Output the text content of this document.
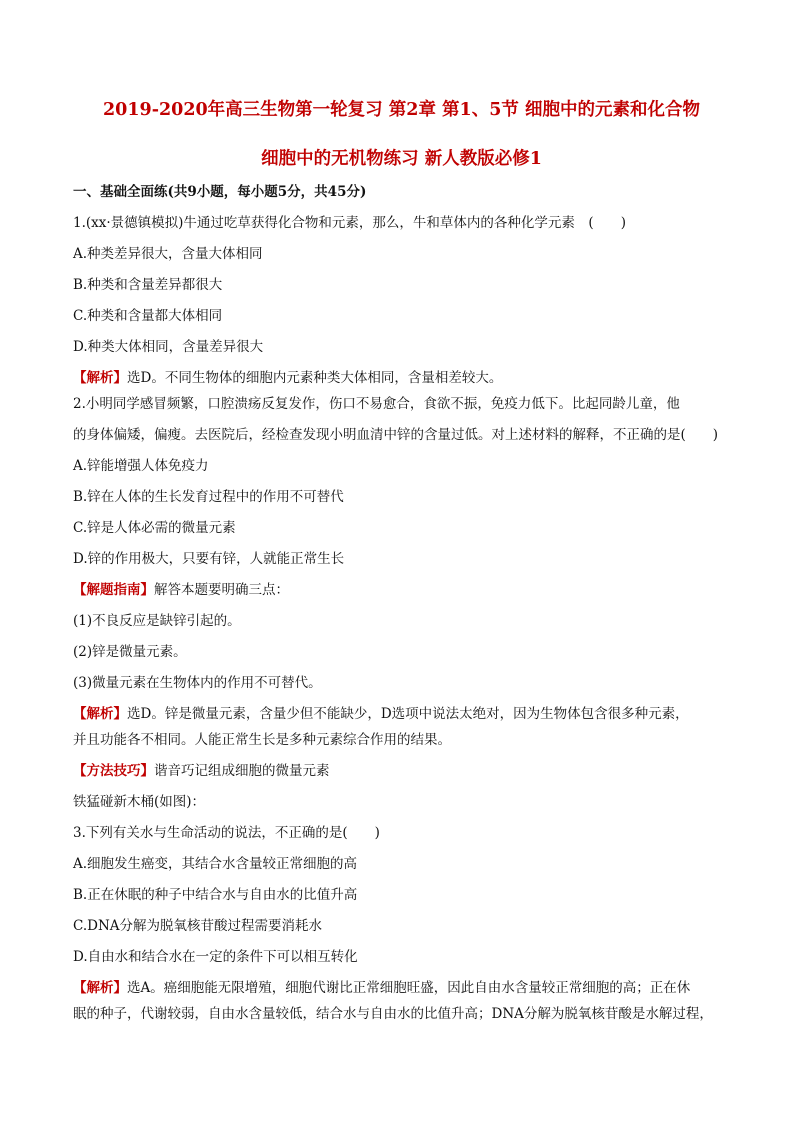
2019-2020年高三生物第一轮复习 第2章 第1、5节 细胞中的元素和化合物
细胞中的无机物练习 新人教版必修1
一、基础全面练(共9小题，每小题5分，共45分)
1.(xx·景德镇模拟)牛通过吃草获得化合物和元素，那么，牛和草体内的各种化学元素　(　　)
A.种类差异很大，含量大体相同
B.种类和含量差异都很大
C.种类和含量都大体相同
D.种类大体相同，含量差异很大
【解析】选D。不同生物体的细胞内元素种类大体相同，含量相差较大。
2.小明同学感冒频繁，口腔溃疡反复发作，伤口不易愈合，食欲不振，免疫力低下。比起同龄儿童，他
的身体偏矮，偏瘦。去医院后，经检查发现小明血清中锌的含量过低。对上述材料的解释，不正确的是(　　)
A.锌能增强人体免疫力
B.锌在人体的生长发育过程中的作用不可替代
C.锌是人体必需的微量元素
D.锌的作用极大，只要有锌，人就能正常生长
【解题指南】解答本题要明确三点：
(1)不良反应是缺锌引起的。
(2)锌是微量元素。
(3)微量元素在生物体内的作用不可替代。
【解析】选D。锌是微量元素，含量少但不能缺少，D选项中说法太绝对，因为生物体包含很多种元素，
并且功能各不相同。人能正常生长是多种元素综合作用的结果。
【方法技巧】谐音巧记组成细胞的微量元素
铁猛碰新木桶(如图)：
3.下列有关水与生命活动的说法，不正确的是(　　)
A.细胞发生癌变，其结合水含量较正常细胞的高
B.正在休眠的种子中结合水与自由水的比值升高
C.DNA分解为脱氧核苷酸过程需要消耗水
D.自由水和结合水在一定的条件下可以相互转化
【解析】选A。癌细胞能无限增殖，细胞代谢比正常细胞旺盛，因此自由水含量较正常细胞的高；正在休
眠的种子，代谢较弱，自由水含量较低，结合水与自由水的比值升高；DNA分解为脱氧核苷酸是水解过程，
